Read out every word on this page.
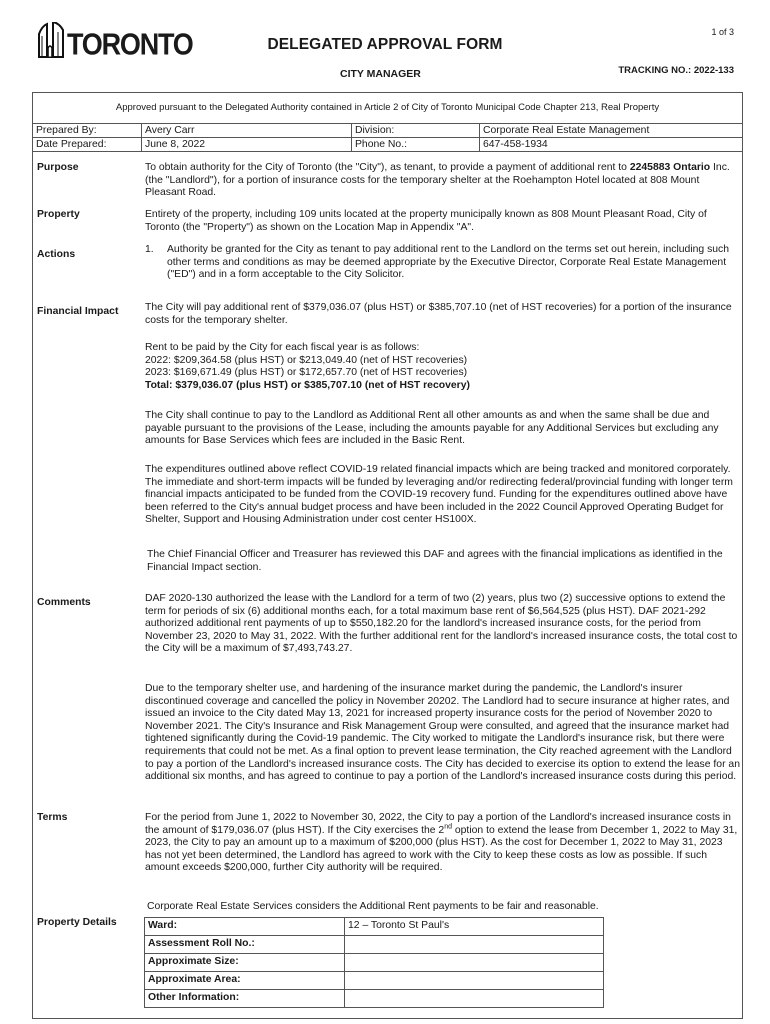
1 of 3
TORONTO	DELEGATED APPROVAL FORM
CITY MANAGER	TRACKING NO.: 2022-133
Approved pursuant to the Delegated Authority contained in Article 2 of City of Toronto Municipal Code Chapter 213, Real Property
Prepared By:	Avery Carr	Division:	Corporate Real Estate Management
Date Prepared:	June 8, 2022	Phone No.:	647-458-1934
Purpose	To obtain authority for the City of Toronto (the "City"), as tenant, to provide a payment of additional rent to 2245883 Ontario Inc. (the "Landlord"), for a portion of insurance costs for the temporary shelter at the Roehampton Hotel located at 808 Mount Pleasant Road.

Property	Entirety of the property, including 109 units located at the property municipally known as 808 Mount Pleasant Road, City of Toronto (the "Property") as shown on the Location Map in Appendix "A".

Actions	1.	Authority be granted for the City as tenant to pay additional rent to the Landlord on the terms set out herein, including such other terms and conditions as may be deemed appropriate by the Executive Director, Corporate Real Estate Management ("ED") and in a form acceptable to the City Solicitor.
Financial Impact	The City will pay additional rent of $379,036.07 (plus HST) or $385,707.10 (net of HST recoveries) for a portion of the insurance costs for the temporary shelter.

Rent to be paid by the City for each fiscal year is as follows:

2022: $209,364.58 (plus HST) or $213,049.40 (net of HST recoveries)

2023: $169,671.49 (plus HST) or $172,657.70 (net of HST recoveries)

Total: $379,036.07 (plus HST) or $385,707.10 (net of HST recovery)

The City shall continue to pay to the Landlord as Additional Rent all other amounts as and when the same shall be due and payable pursuant to the provisions of the Lease, including the amounts payable for any Additional Services but excluding any amounts for Base Services which fees are included in the Basic Rent.

The expenditures outlined above reflect COVID-19 related financial impacts which are being tracked and monitored corporately. The immediate and short-term impacts will be funded by leveraging and/or redirecting federal/provincial funding with longer term financial impacts anticipated to be funded from the COVID-19 recovery fund. Funding for the expenditures outlined above have been referred to the City's annual budget process and have been included in the 2022 Council Approved Operating Budget for Shelter, Support and Housing Administration under cost center HS100X.

The Chief Financial Officer and Treasurer has reviewed this DAF and agrees with the financial implications as identified in the Financial Impact section.

Comments	DAF 2020-130 authorized the lease with the Landlord for a term of two (2) years, plus two (2) successive options to extend the term for periods of six (6) additional months each, for a total maximum base rent of $6,564,525 (plus HST). DAF 2021-292 authorized additional rent payments of up to $550,182.20 for the landlord's increased insurance costs, for the period from November 23, 2020 to May 31, 2022. With the further additional rent for the landlord's increased insurance costs, the total cost to the City will be a maximum of $7,493,743.27.

Due to the temporary shelter use, and hardening of the insurance market during the pandemic, the Landlord's insurer discontinued coverage and cancelled the policy in November 20202. The Landlord had to secure insurance at higher rates, and issued an invoice to the City dated May 13, 2021 for increased property insurance costs for the period of November 2020 to November 2021. The City's Insurance and Risk Management Group were consulted, and agreed that the insurance market had tightened significantly during the Covid-19 pandemic. The City worked to mitigate the Landlord's insurance risk, but there were requirements that could not be met. As a final option to prevent lease termination, the City reached agreement with the Landlord to pay a portion of the Landlord's increased insurance costs. The City has decided to exercise its option to extend the lease for an additional six months, and has agreed to continue to pay a portion of the Landlord's increased insurance costs during this period.

Terms	For the period from June 1, 2022 to November 30, 2022, the City to pay a portion of the Landlord's increased insurance costs in the amount of $179,036.07 (plus HST). If the City exercises the 2nd option to extend the lease from December 1, 2022 to May 31, 2023, the City to pay an amount up to a maximum of $200,000 (plus HST). As the cost for December 1, 2022 to May 31, 2023 has not yet been determined, the Landlord has agreed to work with the City to keep these costs as low as possible. If such amount exceeds $200,000, further City authority will be required.

Corporate Real Estate Services considers the Additional Rent payments to be fair and reasonable.

Property Details	Ward:	12 – Toronto St Paul's
Assessment Roll No.:	
Approximate Size:	
Approximate Area:	
Other Information:	
